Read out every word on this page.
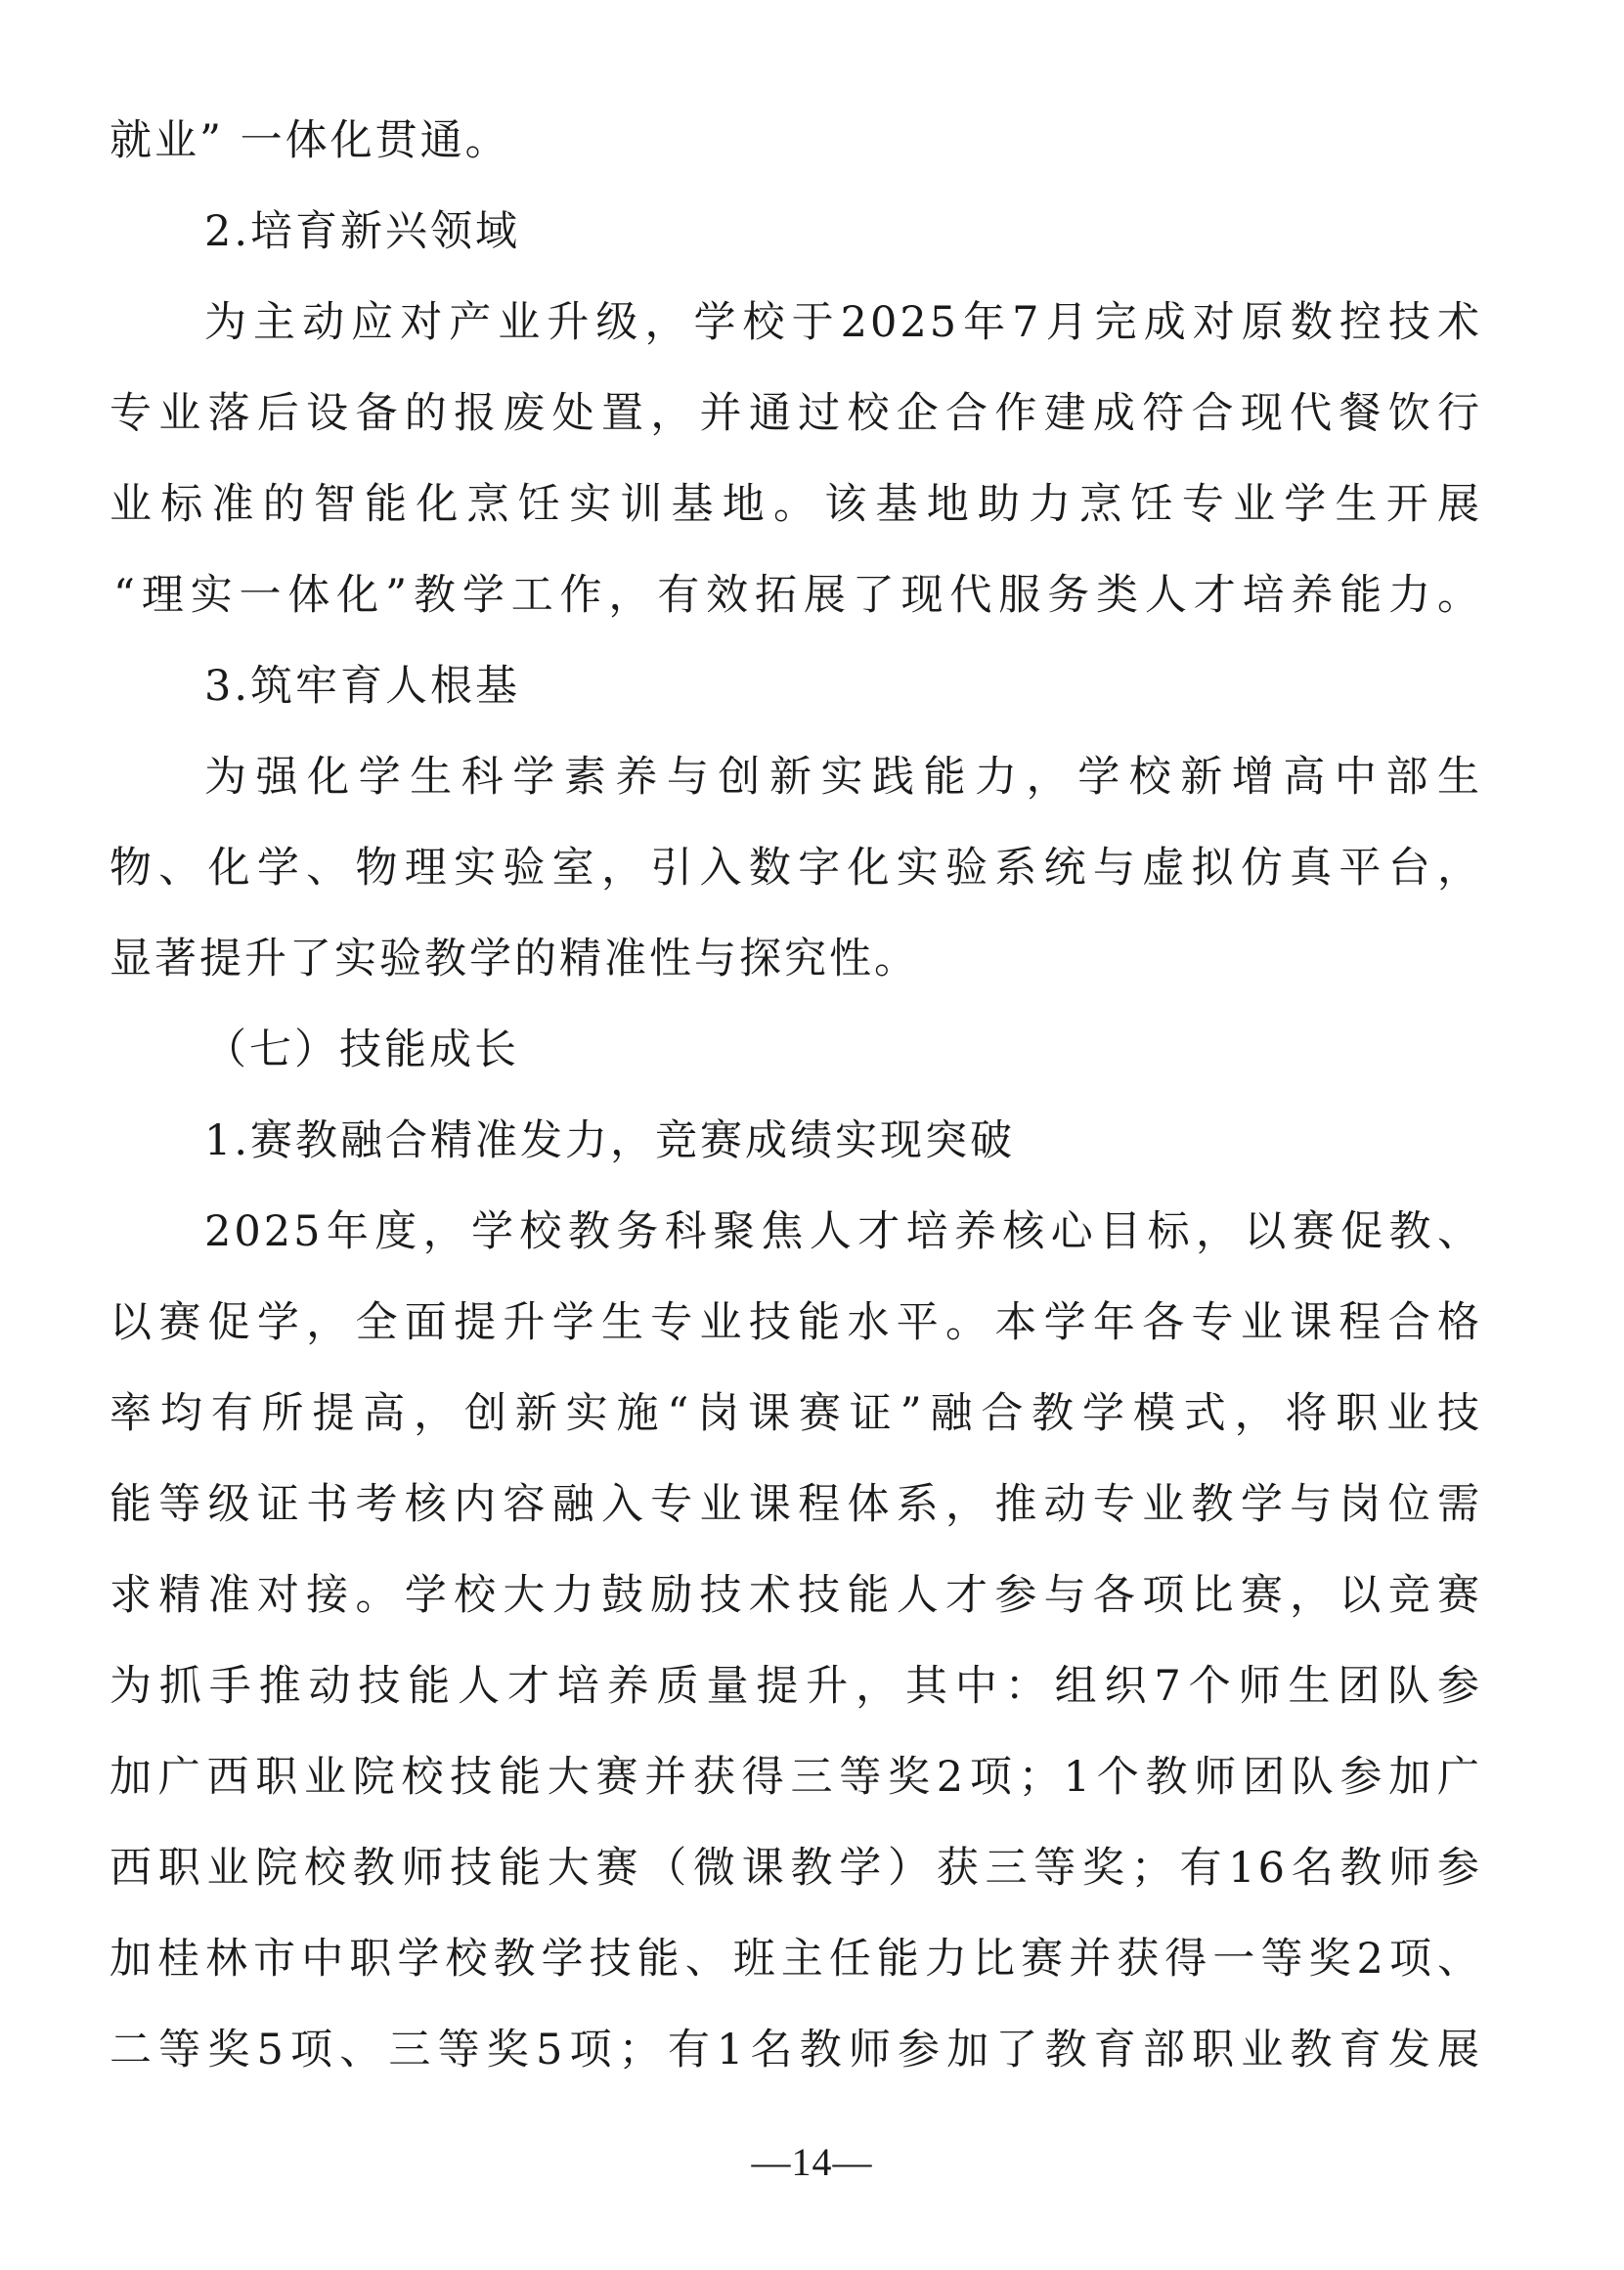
就业” 一体化贯通。
2.培育新兴领域
为主动应对产业升级，学校于2025年7月完成对原数控技术
专业落后设备的报废处置，并通过校企合作建成符合现代餐饮行
业标准的智能化烹饪实训基地。该基地助力烹饪专业学生开展
“理实一体化”教学工作，有效拓展了现代服务类人才培养能力。
3.筑牢育人根基
为强化学生科学素养与创新实践能力，学校新增高中部生
物、化学、物理实验室，引入数字化实验系统与虚拟仿真平台，
显著提升了实验教学的精准性与探究性。
（七）技能成长
1.赛教融合精准发力，竞赛成绩实现突破
2025年度，学校教务科聚焦人才培养核心目标，以赛促教、
以赛促学，全面提升学生专业技能水平。本学年各专业课程合格
率均有所提高，创新实施“岗课赛证”融合教学模式，将职业技
能等级证书考核内容融入专业课程体系，推动专业教学与岗位需
求精准对接。学校大力鼓励技术技能人才参与各项比赛，以竞赛
为抓手推动技能人才培养质量提升，其中：组织7个师生团队参
加广西职业院校技能大赛并获得三等奖2项；1个教师团队参加广
西职业院校教师技能大赛（微课教学）获三等奖；有16名教师参
加桂林市中职学校教学技能、班主任能力比赛并获得一等奖2项、
二等奖5项、三等奖5项；有1名教师参加了教育部职业教育发展
—14—
